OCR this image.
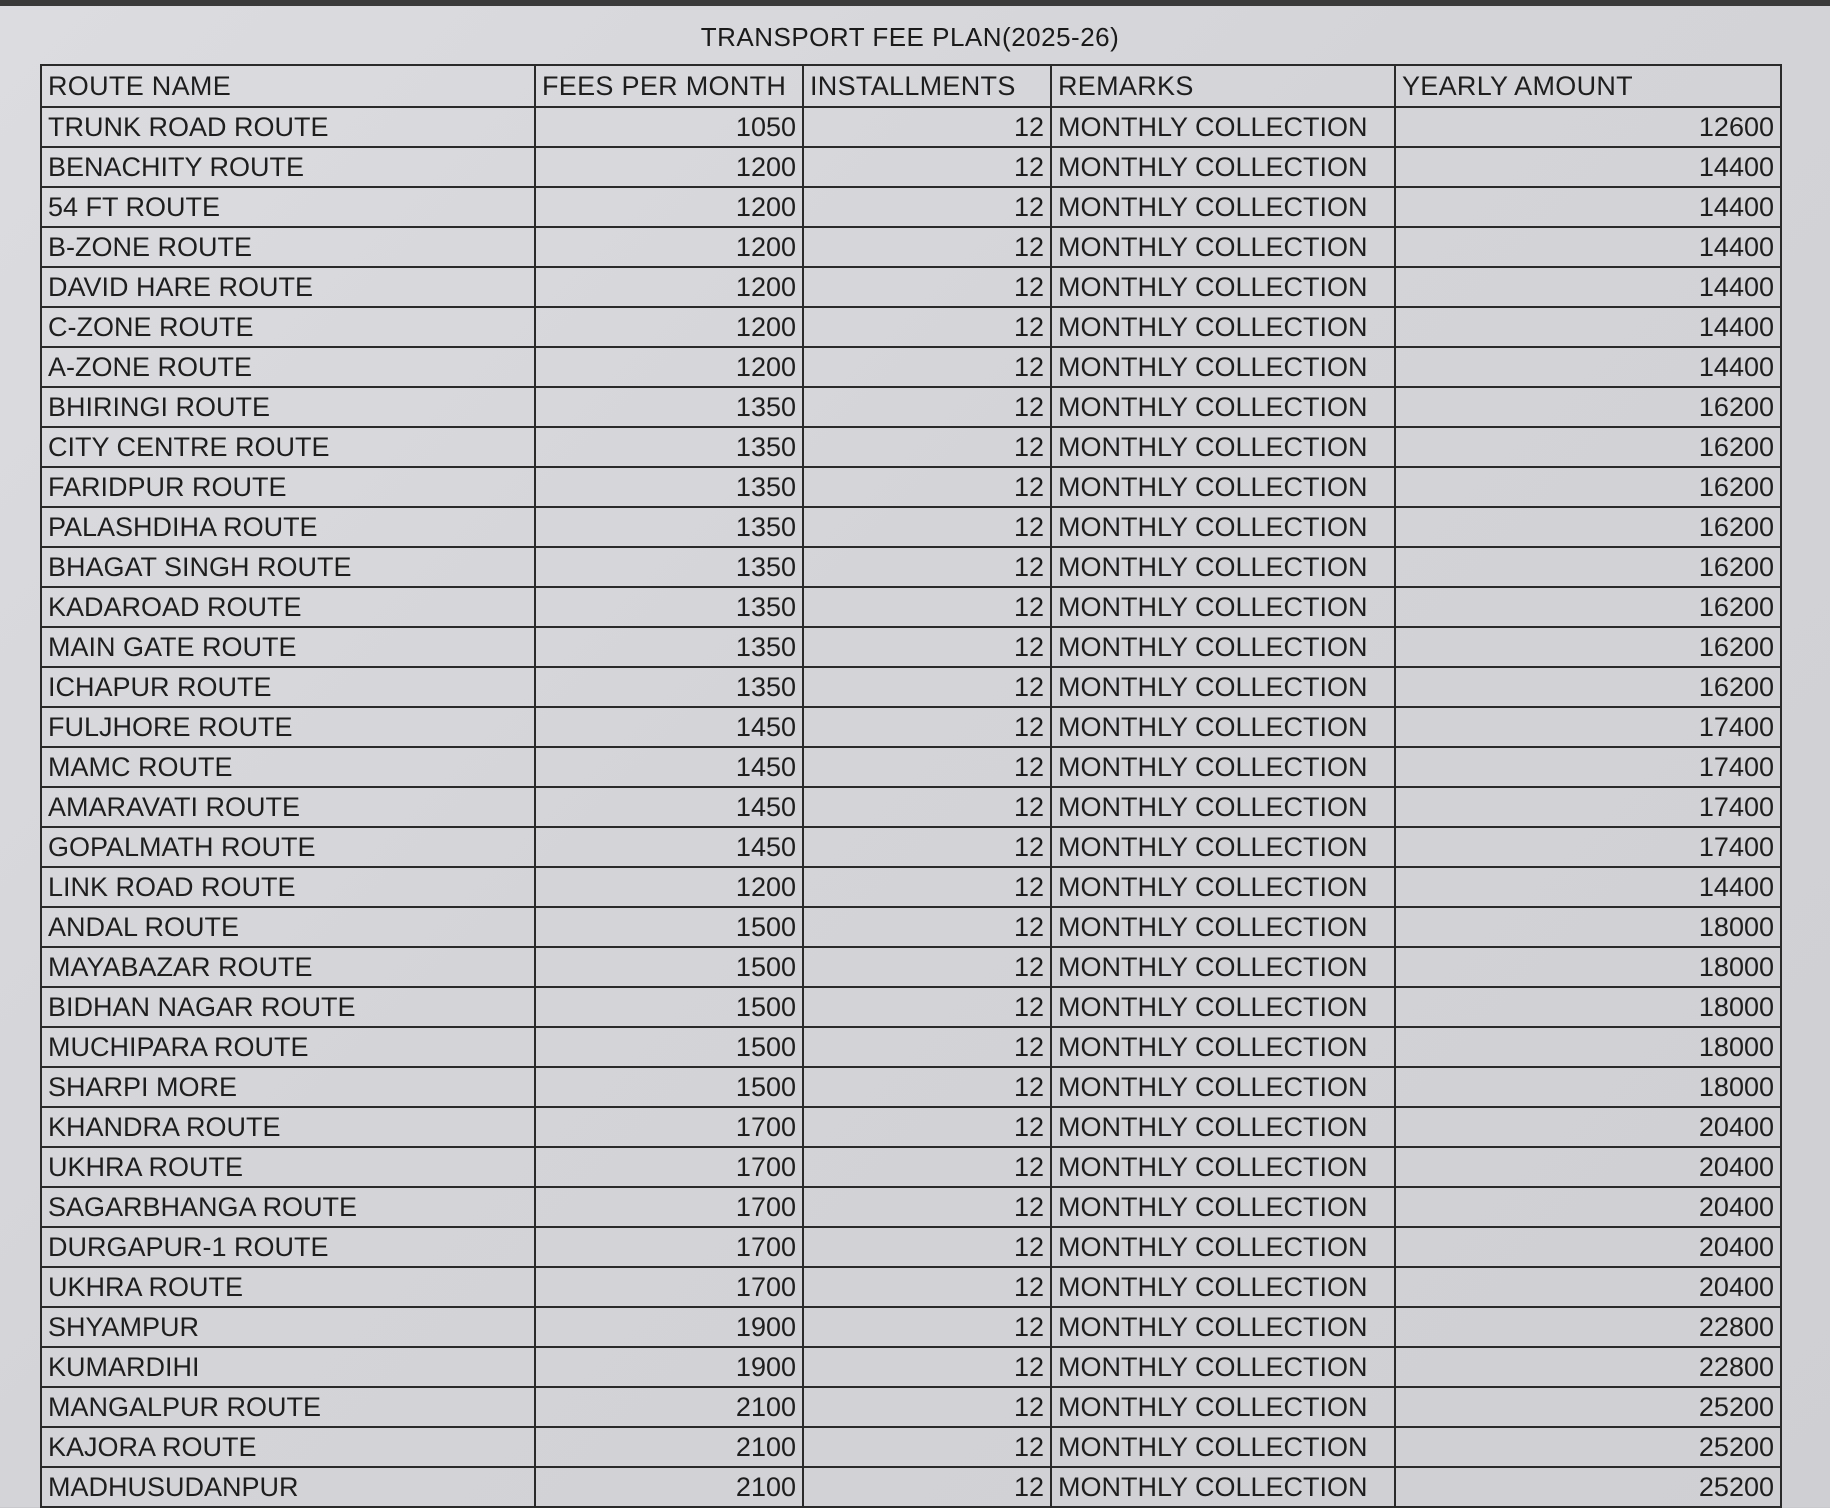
TRANSPORT FEE PLAN(2025-26)
ROUTE NAME	FEES PER MONTH	INSTALLMENTS	REMARKS	YEARLY AMOUNT
TRUNK ROAD ROUTE	1050	12	MONTHLY COLLECTION	12600
BENACHITY ROUTE	1200	12	MONTHLY COLLECTION	14400
54 FT ROUTE	1200	12	MONTHLY COLLECTION	14400
B-ZONE ROUTE	1200	12	MONTHLY COLLECTION	14400
DAVID HARE ROUTE	1200	12	MONTHLY COLLECTION	14400
C-ZONE ROUTE	1200	12	MONTHLY COLLECTION	14400
A-ZONE ROUTE	1200	12	MONTHLY COLLECTION	14400
BHIRINGI ROUTE	1350	12	MONTHLY COLLECTION	16200
CITY CENTRE ROUTE	1350	12	MONTHLY COLLECTION	16200
FARIDPUR ROUTE	1350	12	MONTHLY COLLECTION	16200
PALASHDIHA ROUTE	1350	12	MONTHLY COLLECTION	16200
BHAGAT SINGH ROUTE	1350	12	MONTHLY COLLECTION	16200
KADAROAD ROUTE	1350	12	MONTHLY COLLECTION	16200
MAIN GATE ROUTE	1350	12	MONTHLY COLLECTION	16200
ICHAPUR ROUTE	1350	12	MONTHLY COLLECTION	16200
FULJHORE ROUTE	1450	12	MONTHLY COLLECTION	17400
MAMC ROUTE	1450	12	MONTHLY COLLECTION	17400
AMARAVATI ROUTE	1450	12	MONTHLY COLLECTION	17400
GOPALMATH ROUTE	1450	12	MONTHLY COLLECTION	17400
LINK ROAD ROUTE	1200	12	MONTHLY COLLECTION	14400
ANDAL ROUTE	1500	12	MONTHLY COLLECTION	18000
MAYABAZAR ROUTE	1500	12	MONTHLY COLLECTION	18000
BIDHAN NAGAR ROUTE	1500	12	MONTHLY COLLECTION	18000
MUCHIPARA ROUTE	1500	12	MONTHLY COLLECTION	18000
SHARPI MORE	1500	12	MONTHLY COLLECTION	18000
KHANDRA ROUTE	1700	12	MONTHLY COLLECTION	20400
UKHRA ROUTE	1700	12	MONTHLY COLLECTION	20400
SAGARBHANGA ROUTE	1700	12	MONTHLY COLLECTION	20400
DURGAPUR-1 ROUTE	1700	12	MONTHLY COLLECTION	20400
UKHRA ROUTE	1700	12	MONTHLY COLLECTION	20400
SHYAMPUR	1900	12	MONTHLY COLLECTION	22800
KUMARDIHI	1900	12	MONTHLY COLLECTION	22800
MANGALPUR ROUTE	2100	12	MONTHLY COLLECTION	25200
KAJORA ROUTE	2100	12	MONTHLY COLLECTION	25200
MADHUSUDANPUR	2100	12	MONTHLY COLLECTION	25200
